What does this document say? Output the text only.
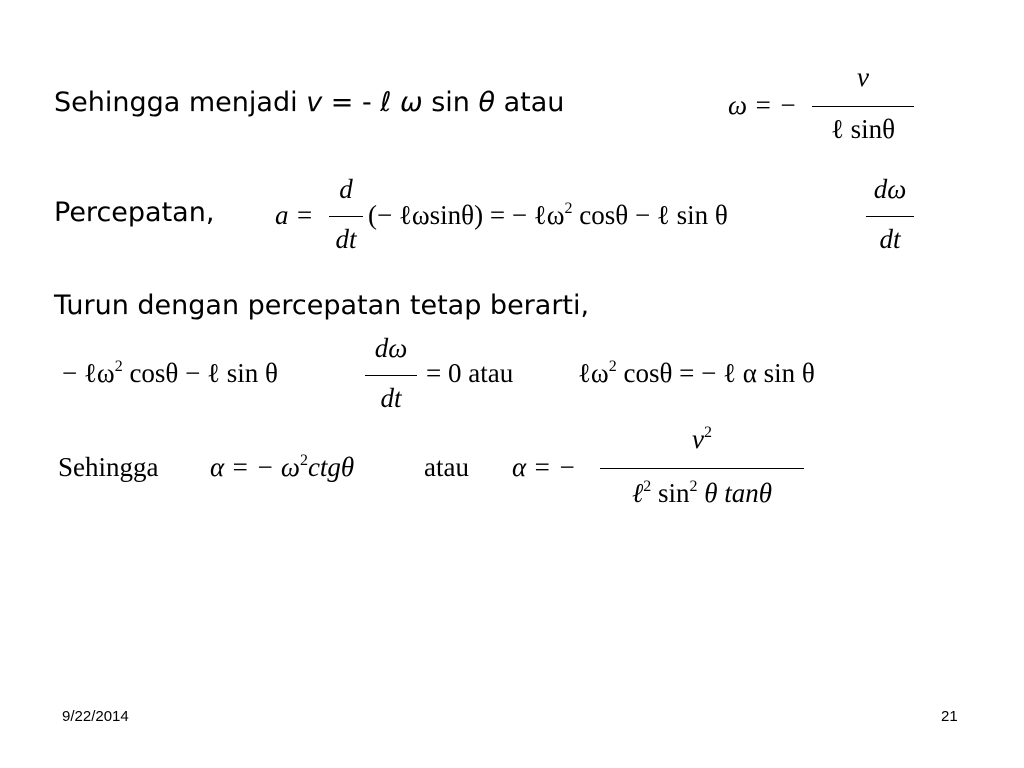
Sehingga menjadi v = - ℓ ω sin θ atau	ω = −
v
ℓ sinθ
Percepatan, a =
d
dt
(− ℓωsinθ) = − ℓω$^2$ cosθ − ℓ sin θ
dω
dt
Turun dengan percepatan tetap berarti,
− ℓω$^2$ cosθ − ℓ sin θ
dω
dt
= 0 atau ℓω$^2$ cosθ = − ℓ α sin θ
Sehingga α = − $\omega^2ctg\theta$	atau α = −
$v^2$
ℓ$^2$ $\sin^2 \theta$ tanθ
9/22/2014	21
